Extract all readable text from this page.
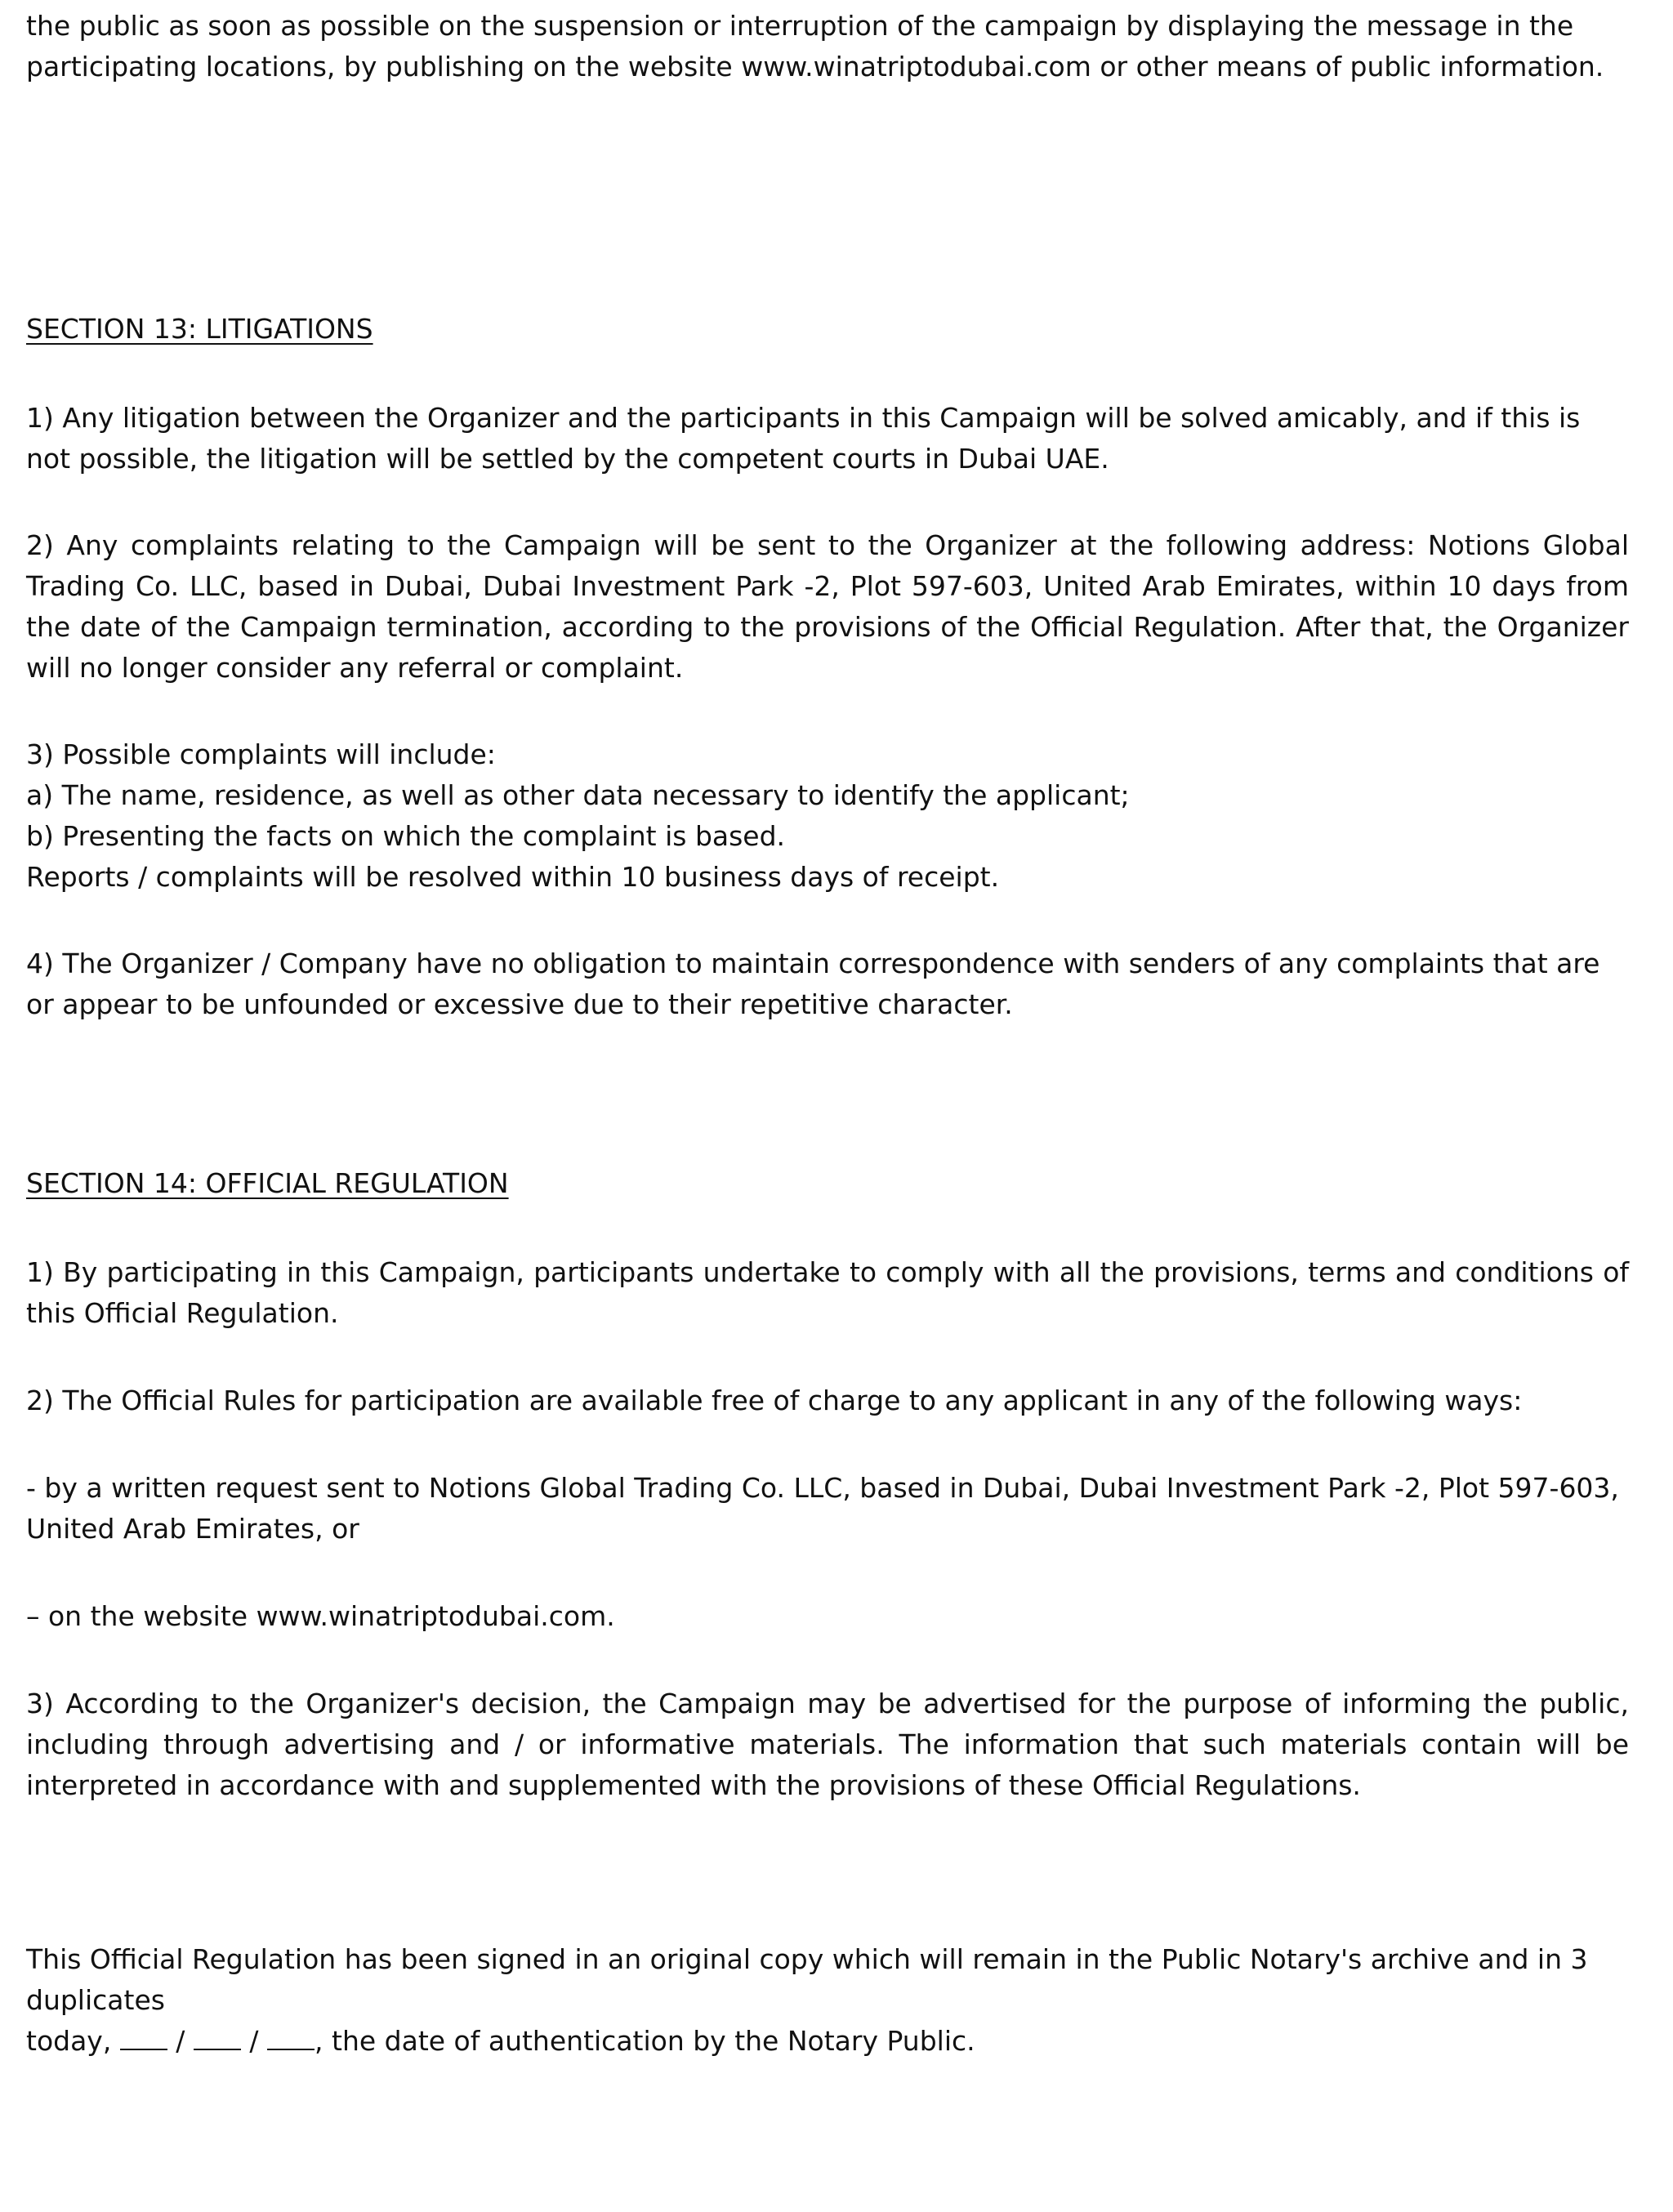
the public as soon as possible on the suspension or interruption of the campaign by displaying the message in the participating locations, by publishing on the website www.winatriptodubai.com or other means of public information.

SECTION 13: LITIGATIONS

1) Any litigation between the Organizer and the participants in this Campaign will be solved amicably, and if this is not possible, the litigation will be settled by the competent courts in Dubai UAE.

2) Any complaints relating to the Campaign will be sent to the Organizer at the following address: Notions Global Trading Co. LLC, based in Dubai, Dubai Investment Park -2, Plot 597-603, United Arab Emirates, within 10 days from the date of the Campaign termination, according to the provisions of the Official Regulation. After that, the Organizer will no longer consider any referral or complaint.

3) Possible complaints will include:
a) The name, residence, as well as other data necessary to identify the applicant;
b) Presenting the facts on which the complaint is based.
Reports / complaints will be resolved within 10 business days of receipt.

4) The Organizer / Company have no obligation to maintain correspondence with senders of any complaints that are or appear to be unfounded or excessive due to their repetitive character.

SECTION 14: OFFICIAL REGULATION

1) By participating in this Campaign, participants undertake to comply with all the provisions, terms and conditions of this Official Regulation.

2) The Official Rules for participation are available free of charge to any applicant in any of the following ways:

- by a written request sent to Notions Global Trading Co. LLC, based in Dubai, Dubai Investment Park -2, Plot 597-603, United Arab Emirates, or

– on the website www.winatriptodubai.com.

3) According to the Organizer's decision, the Campaign may be advertised for the purpose of informing the public, including through advertising and / or informative materials. The information that such materials contain will be interpreted in accordance with and supplemented with the provisions of these Official Regulations.

This Official Regulation has been signed in an original copy which will remain in the Public Notary's archive and in 3 duplicates
today,  /  / , the date of authentication by the Notary Public.
